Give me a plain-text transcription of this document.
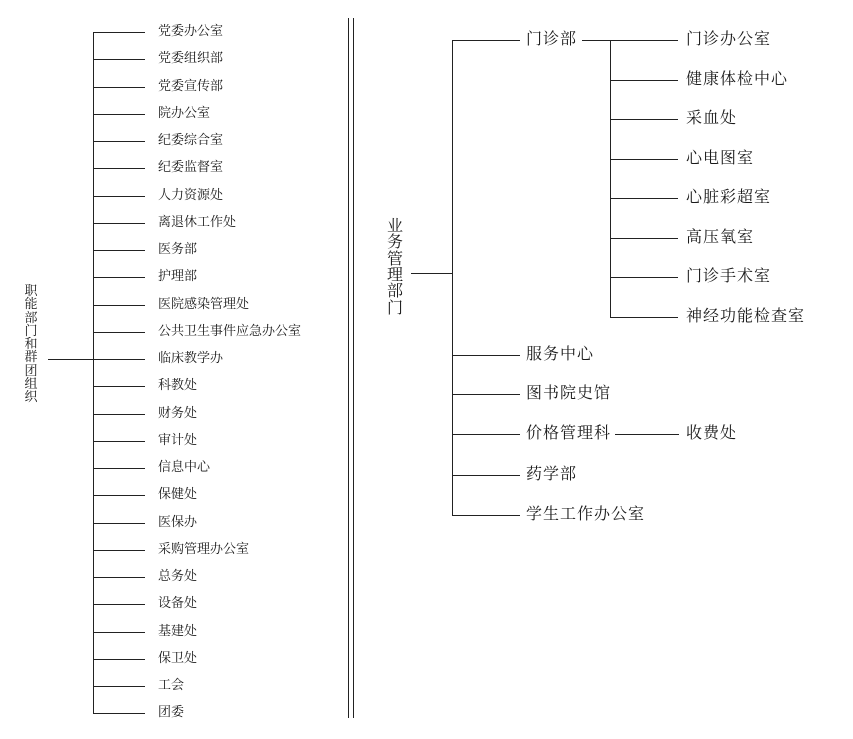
职
能
部
门
和
群
团
组
织
业
务
管
理
部
门
党委办公室
党委组织部
党委宣传部
院办公室
纪委综合室
纪委监督室
人力资源处
离退休工作处
医务部
护理部
医院感染管理处
公共卫生事件应急办公室
临床教学办
科教处
财务处
审计处
信息中心
保健处
医保办
采购管理办公室
总务处
设备处
基建处
保卫处
工会
团委
门诊部	门诊办公室
健康体检中心
采血处
心电图室
心脏彩超室
高压氧室
门诊手术室
神经功能检查室
服务中心
图书院史馆
价格管理科	收费处
药学部
学生工作办公室
